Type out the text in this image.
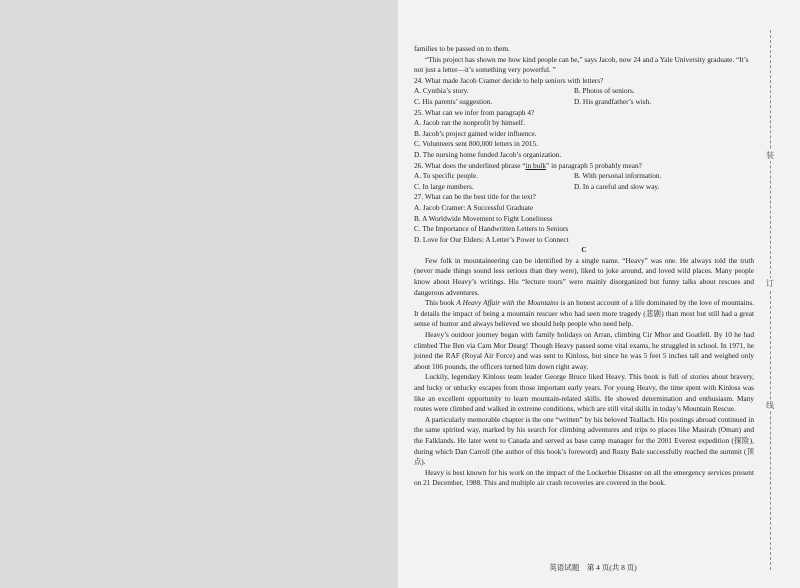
families to be passed on to them.

“This project has shown me how kind people can be,” says Jacob, now 24 and a Yale University graduate. “It’s not just a letter—it’s something very powerful. ”

24. What made Jacob Cramer decide to help seniors with letters?

A. Cynthia’s story.	B. Photos of seniors.
C. His parents’ suggestion.	D. His grandfather’s wish.

25. What can we infer from paragraph 4?

A. Jacob ran the nonprofit by himself.

B. Jacob’s project gained wider influence.

C. Volunteers sent 800,000 letters in 2015.

D. The nursing home funded Jacob’s organization.

26. What does the underlined phrase “in bulk” in paragraph 5 probably mean?

A. To specific people.	B. With personal information.
C. In large numbers.	D. In a careful and slow way.

27. What can be the best title for the text?

A. Jacob Cramer: A Successful Graduate

B. A Worldwide Movement to Fight Loneliness

C. The Importance of Handwritten Letters to Seniors

D. Love for Our Elders: A Letter’s Power to Connect

C

Few folk in mountaineering can be identified by a single name. “Heavy” was one. He always told the truth (never made things sound less serious than they were), liked to joke around, and loved wild places. Many people know about Heavy’s writings. His “lecture tours” were mainly disorganized but funny talks about rescues and dangerous adventures.

This book A Heavy Affair with the Mountains is an honest account of a life dominated by the love of mountains. It details the impact of being a mountain rescuer who had seen more tragedy (悲剧) than most but still had a great sense of humor and always believed we should help people who need help.

Heavy’s outdoor journey began with family holidays on Arran, climbing Cir Mhor and Goatfell. By 10 he had climbed The Ben via Carn Mor Dearg! Though Heavy passed some vital exams, he struggled in school. In 1971, he joined the RAF (Royal Air Force) and was sent to Kinloss, but since he was 5 feet 5 inches tall and weighed only about 106 pounds, the officers turned him down right away.

Luckily, legendary Kinloss team leader George Bruce liked Heavy. This book is full of stories about bravery, and lucky or unlucky escapes from those important early years. For young Heavy, the time spent with Kinloss was like an excellent opportunity to learn mountain-related skills. He showed determination and enthusiasm. Many routes were climbed and walked in extreme conditions, which are still vital skills in today’s Mountain Rescue.

A particularly memorable chapter is the one “written” by his beloved Teallach. His postings abroad continued in the same spirited way, marked by his search for climbing adventures and trips to places like Masirah (Oman) and the Falklands. He later went to Canada and served as base camp manager for the 2001 Everest expedition (探险), during which Dan Carroll (the author of this book’s foreword) and Rusty Bale successfully reached the summit (顶点).

Heavy is best known for his work on the impact of the Lockerbie Disaster on all the emergency services present on 21 December, 1988. This and multiple air crash recoveries are covered in the book.

装
订
线
英语试题　第 4 页(共 8 页)
